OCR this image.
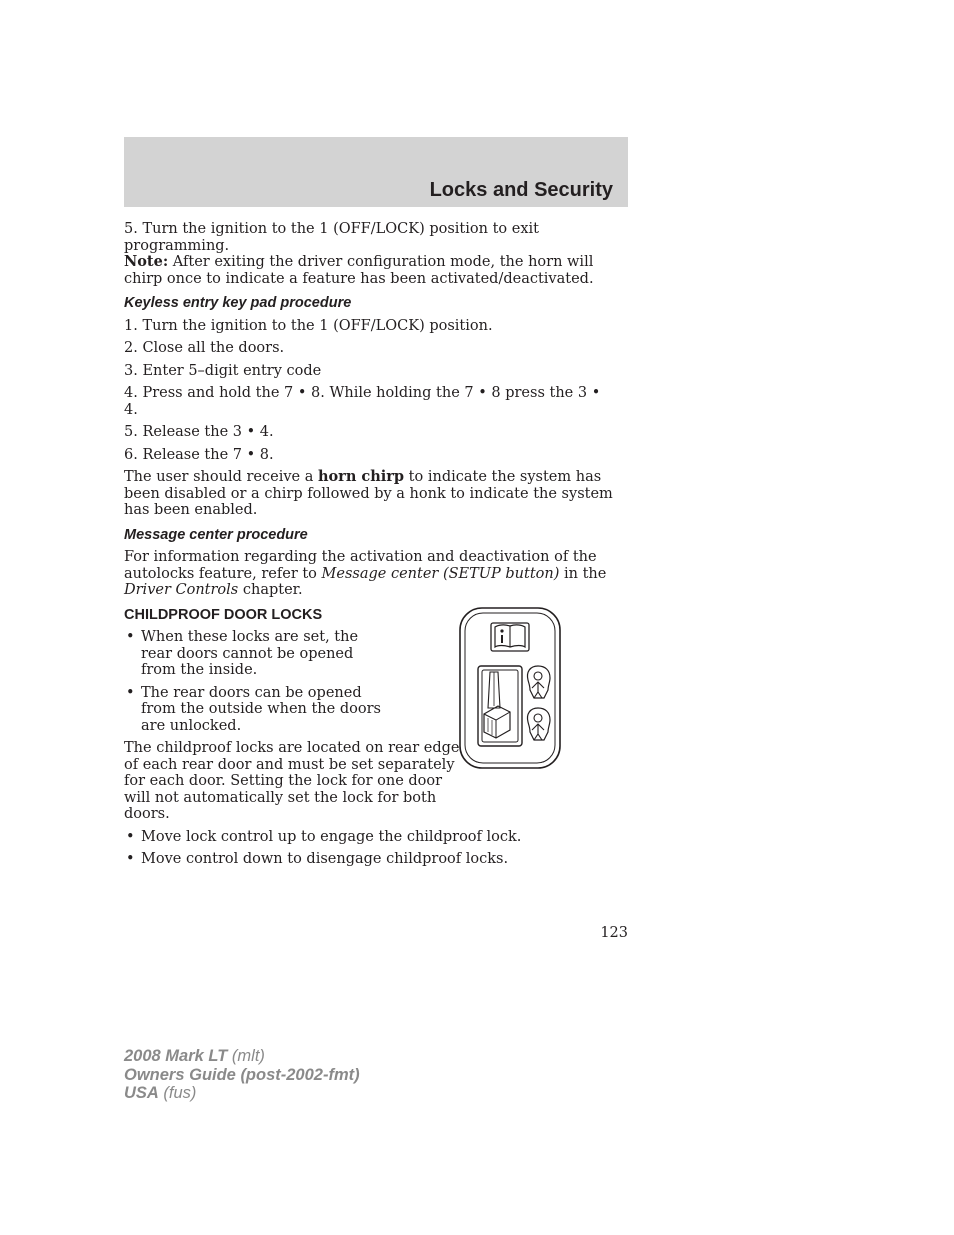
Locks and Security

5. Turn the ignition to the 1 (OFF/LOCK) position to exit programming.
Note: After exiting the driver configuration mode, the horn will chirp once to indicate a feature has been activated/deactivated.

Keyless entry key pad procedure

1. Turn the ignition to the 1 (OFF/LOCK) position.

2. Close all the doors.

3. Enter 5–digit entry code

4. Press and hold the 7 • 8. While holding the 7 • 8 press the 3 • 4.

5. Release the 3 • 4.

6. Release the 7 • 8.

The user should receive a horn chirp to indicate the system has been disabled or a chirp followed by a honk to indicate the system has been enabled.

Message center procedure

For information regarding the activation and deactivation of the autolocks feature, refer to Message center (SETUP button) in the Driver Controls chapter.

CHILDPROOF DOOR LOCKS
• When these locks are set, the rear doors cannot be opened from the inside.
• The rear doors can be opened from the outside when the doors are unlocked.

The childproof locks are located on rear edge of each rear door and must be set separately for each door. Setting the lock for one door will not automatically set the lock for both doors.

• Move lock control up to engage the childproof lock.
• Move control down to disengage childproof locks.
123
2008 Mark LT (mlt)
Owners Guide (post-2002-fmt)
USA (fus)
